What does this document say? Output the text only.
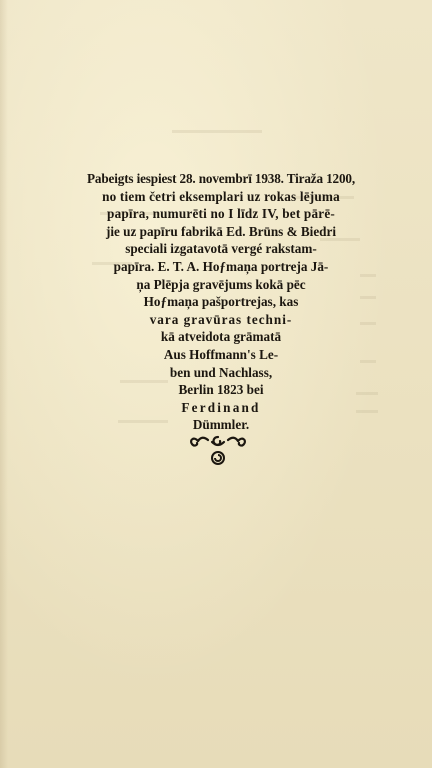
Pabeigts iespiest 28. novembrī 1938. Tiraža 1200,
no tiem četri eksemplari uz rokas lējuma
papīra, numurēti no I līdz IV, bet pārē-
jie uz papīru fabrikā Ed. Brūns & Biedri
speciali izgatavotā vergé rakstam-
papīra. E. T. A. Hoƒmaņa portreja Jā-
ņa Plēpja gravējums kokā pēc
Hoƒmaņa pašportrejas, kas
vara gravūras techni-
kā atveidota grāmatā
Aus Hoffmann's Le-
ben und Nachlass,
Berlin 1823 bei
Ferdinand
Dümmler.
